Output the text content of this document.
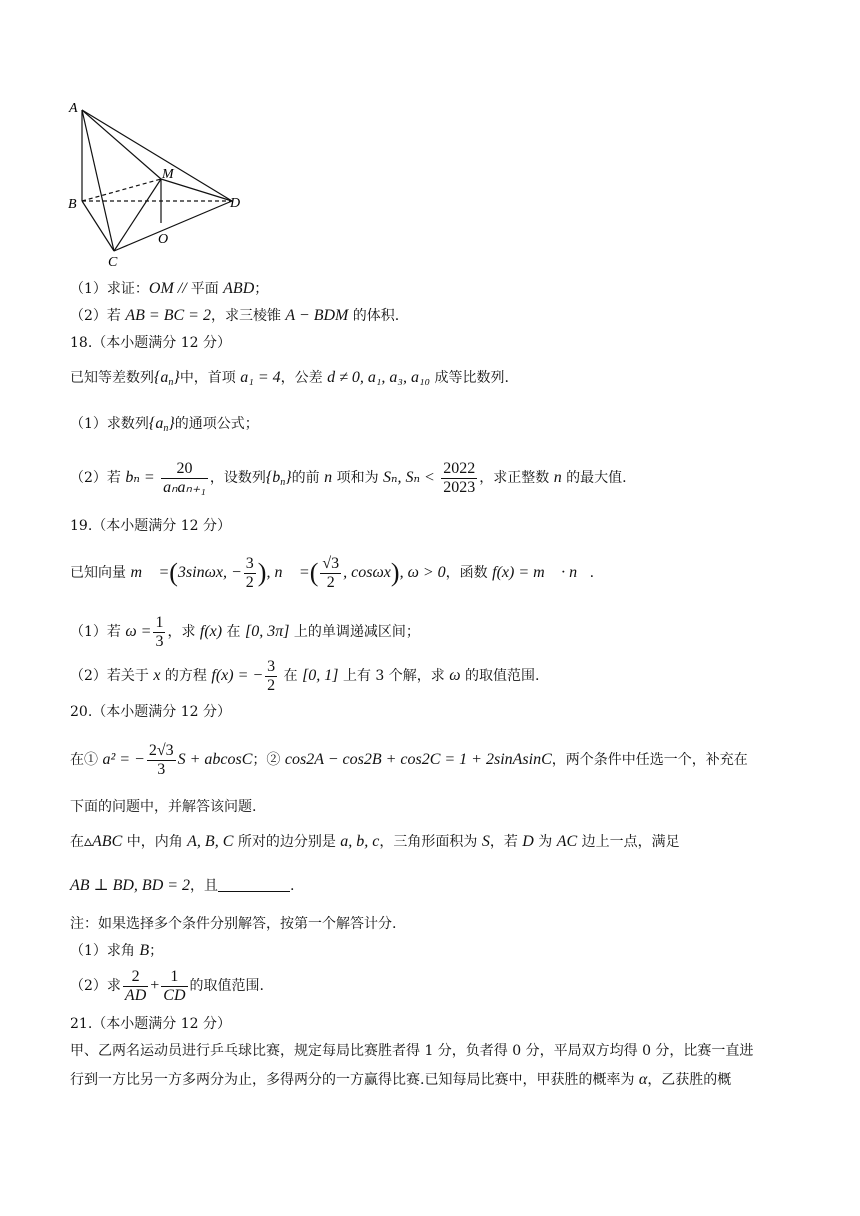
A
B
C
D
M
O
（1）求证：OM // 平面 ABD；
（2）若 AB = BC = 2，求三棱锥 A − BDM 的体积.
18.（本小题满分 12 分）
已知等差数列$\{a_n\}$中，首项 a₁ = 4，公差 d ≠ 0, a₁, a₃, a₁₀ 成等比数列.
（1）求数列$\{a_n\}$的通项公式；
（2）若 $b_n = \frac{20}{\text{aₙaₙ₊₁}}$ ，设数列$\{b_n\}$的前 n 项和为 Sₙ, $S_n < \frac{2022}{2023}$ ，求正整数 n 的最大值.
19.（本小题满分 12 分）
已知向量 m⃗ =(3sinωx, − $\frac{3}{2}$ ), n⃗ =( $\frac{√3}{2}$ , cosωx), ω > 0，函数 f(x) = m⃗ · n⃗.
（1）若 $\omega = \frac{1}{3}$ ，求 f(x) 在 [0, 3π] 上的单调递减区间；
（2）若关于 x 的方程 f(x) = − $\frac{3}{2}$ 在 [0, 1] 上有 3 个解，求 ω 的取值范围.
20.（本小题满分 12 分）
在① a² = − $\frac{2√3}{3}$ S + abcosC；② cos2A − cos2B + cos2C = 1 + 2sinAsinC，两个条件中任选一个，补充在
下面的问题中，并解答该问题.
在▵ABC 中，内角 A, B, C 所对的边分别是 a, b, c，三角形面积为 S，若 D 为 AC 边上一点，满足
AB ⊥ BD, BD = 2，且	.
注：如果选择多个条件分别解答，按第一个解答计分.
（1）求角 B；
（2）求 $\frac{2}{AD} + \frac{1}{CD}$ 的取值范围.
21.（本小题满分 12 分）
甲、乙两名运动员进行乒乓球比赛，规定每局比赛胜者得 1 分，负者得 0 分，平局双方均得 0 分，比赛一直进
行到一方比另一方多两分为止，多得两分的一方赢得比赛.已知每局比赛中，甲获胜的概率为 α，乙获胜的概
